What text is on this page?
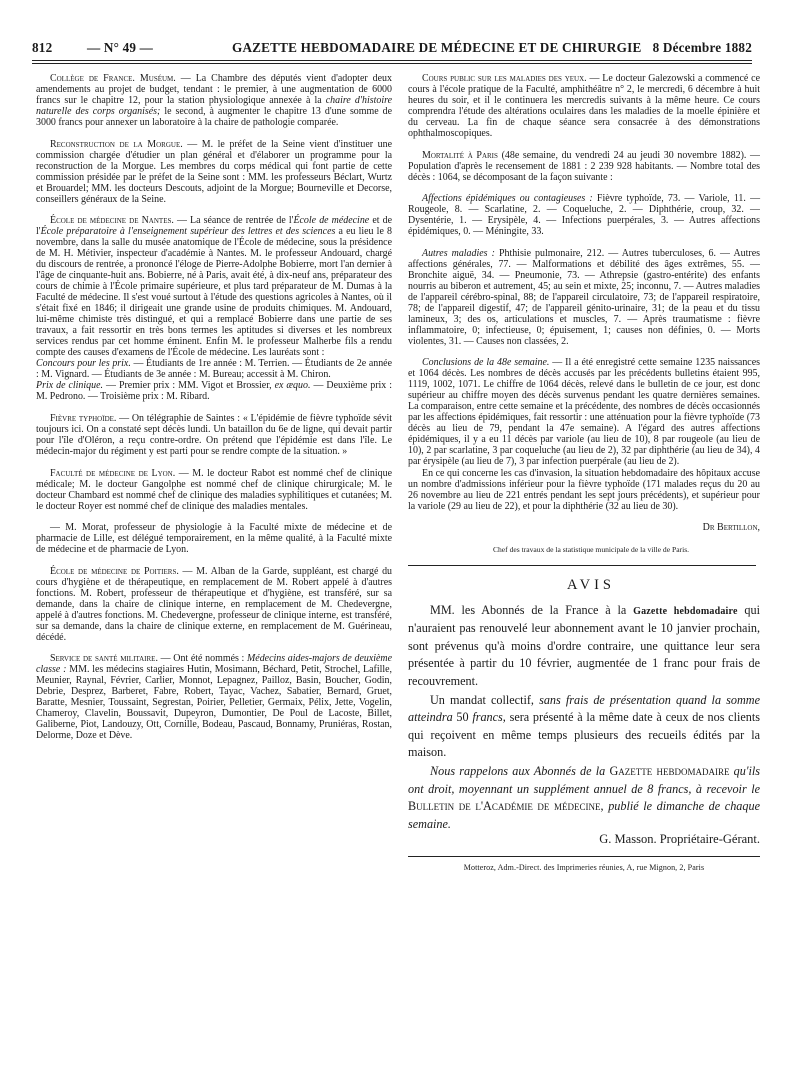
812	— N° 49 —	GAZETTE HEBDOMADAIRE DE MÉDECINE ET DE CHIRURGIE 8 Décembre 1882

Collège de France. Muséum. — La Chambre des députés vient d'adopter deux amendements au projet de budget, tendant : le premier, à une augmentation de 6000 francs sur le chapitre 12, pour la station physiologique annexée à la chaire d'histoire naturelle des corps organisés; le second, à augmenter le chapitre 13 d'une somme de 3000 francs pour annexer un laboratoire à la chaire de pathologie comparée.

Reconstruction de la Morgue. — M. le préfet de la Seine vient d'instituer une commission chargée d'étudier un plan général et d'élaborer un programme pour la reconstruction de la Morgue. Les membres du corps médical qui font partie de cette commission présidée par le préfet de la Seine sont : MM. les professeurs Béclart, Wurtz et Brouardel; MM. les docteurs Descouts, adjoint de la Morgue; Bourneville et Decorse, conseillers généraux de la Seine.

École de médecine de Nantes. — La séance de rentrée de l'École de médecine et de l'École préparatoire à l'enseignement supérieur des lettres et des sciences a eu lieu le 8 novembre, dans la salle du musée anatomique de l'École de médecine, sous la présidence de M. H. Métivier, inspecteur d'académie à Nantes. M. le professeur Andouard, chargé du discours de rentrée, a prononcé l'éloge de Pierre-Adolphe Bobierre, mort l'an dernier à l'âge de cinquante-huit ans. Bobierre, né à Paris, avait été, à dix-neuf ans, préparateur des cours de chimie à l'École primaire supérieure, et plus tard préparateur de M. Dumas à la Faculté de médecine. Il s'est voué surtout à l'étude des questions agricoles à Nantes, où il s'était fixé en 1846; il dirigeait une grande usine de produits chimiques. M. Andouard, lui-même chimiste très distingué, et qui a remplacé Bobierre dans une partie de ses travaux, a fait ressortir en très bons termes les aptitudes si diverses et les nombreux services rendus par cet homme éminent. Enfin M. le professeur Malherbe fils a rendu compte des causes d'examens de l'École de médecine. Les lauréats sont :
Concours pour les prix. — Étudiants de 1re année : M. Terrien. — Étudiants de 2e année : M. Vignard. — Étudiants de 3e année : M. Bureau; accessit à M. Chiron.
Prix de clinique. — Premier prix : MM. Vigot et Brossier, ex æquo. — Deuxième prix : M. Pedrono. — Troisième prix : M. Ribard.

Fièvre typhoïde. — On télégraphie de Saintes : « L'épidémie de fièvre typhoïde sévit toujours ici. On a constaté sept décès lundi. Un bataillon du 6e de ligne, qui devait partir pour l'île d'Oléron, a reçu contre-ordre. On prétend que l'épidémie est dans l'île. Le médecin-major du régiment y est parti pour se rendre compte de la situation. »

Faculté de médecine de Lyon. — M. le docteur Rabot est nommé chef de clinique médicale; M. le docteur Gangolphe est nommé chef de clinique chirurgicale; M. le docteur Chambard est nommé chef de clinique des maladies syphilitiques et cutanées; M. le docteur Royer est nommé chef de clinique des maladies mentales.

— M. Morat, professeur de physiologie à la Faculté mixte de médecine et de pharmacie de Lille, est délégué temporairement, en la même qualité, à la Faculté mixte de médecine et de pharmacie de Lyon.

École de médecine de Poitiers. — M. Alban de la Garde, suppléant, est chargé du cours d'hygiène et de thérapeutique, en remplacement de M. Robert appelé à d'autres fonctions. M. Robert, professeur de thérapeutique et d'hygiène, est transféré, sur sa demande, dans la chaire de clinique interne, en remplacement de M. Chedevergne, appelé à d'autres fonctions. M. Chedevergne, professeur de clinique interne, est transféré, sur sa demande, dans la chaire de clinique externe, en remplacement de M. Guérineau, décédé.

Service de santé militaire. — Ont été nommés : Médecins aides-majors de deuxième classe : MM. les médecins stagiaires Hutin, Mosimann, Béchard, Petit, Strochel, Lafille, Meunier, Raynal, Février, Carlier, Monnot, Lepagnez, Pailloz, Basin, Boucher, Godin, Debrie, Desprez, Barberet, Fabre, Robert, Tayac, Vachez, Sabatier, Bernard, Gruet, Baratte, Mesnier, Toussaint, Segrestan, Poirier, Pelletier, Germaix, Pélix, Jette, Vogelin, Chameroy, Clavelin, Boussavit, Dupeyron, Dumontier, De Poul de Lacoste, Billet, Galiberne, Piot, Landouzy, Ott, Cornille, Bodeau, Pascaud, Bonnamy, Pruniéras, Rostan, Delorme, Doze et Dève.

Cours public sur les maladies des yeux. — Le docteur Galezowski a commencé ce cours à l'école pratique de la Faculté, amphithéâtre n° 2, le mercredi, 6 décembre à huit heures du soir, et il le continuera les mercredis suivants à la même heure. Ce cours comprendra l'étude des altérations oculaires dans les maladies de la moelle épinière et du cerveau. La fin de chaque séance sera consacrée à des démonstrations ophthalmoscopiques.

Mortalité à Paris (48e semaine, du vendredi 24 au jeudi 30 novembre 1882). — Population d'après le recensement de 1881 : 2 239 928 habitants. — Nombre total des décès : 1064, se décomposant de la façon suivante :

Affections épidémiques ou contagieuses : Fièvre typhoïde, 73. — Variole, 11. — Rougeole, 8. — Scarlatine, 2. — Coqueluche, 2. — Diphthérie, croup, 32. — Dysentérie, 1. — Erysipèle, 4. — Infections puerpérales, 3. — Autres affections épidémiques, 0. — Méningite, 33.

Autres maladies : Phthisie pulmonaire, 212. — Autres tuberculoses, 6. — Autres affections générales, 77. — Malformations et débilité des âges extrêmes, 55. — Bronchite aiguë, 34. — Pneumonie, 73. — Athrepsie (gastro-entérite) des enfants nourris au biberon et autrement, 45; au sein et mixte, 25; inconnu, 7. — Autres maladies de l'appareil cérébro-spinal, 88; de l'appareil circulatoire, 73; de l'appareil respiratoire, 78; de l'appareil digestif, 47; de l'appareil génito-urinaire, 31; de la peau et du tissu lamineux, 3; des os, articulations et muscles, 7. — Après traumatisme : fièvre inflammatoire, 0; infectieuse, 0; épuisement, 1; causes non définies, 0. — Morts violentes, 31. — Causes non classées, 2.

Conclusions de la 48e semaine. — Il a été enregistré cette semaine 1235 naissances et 1064 décès. Les nombres de décès accusés par les précédents bulletins étaient 995, 1119, 1002, 1071. Le chiffre de 1064 décès, relevé dans le bulletin de ce jour, est donc supérieur au chiffre moyen des décès survenus pendant les quatre dernières semaines. La comparaison, entre cette semaine et la précédente, des nombres de décès occasionnés par les affections épidémiques, fait ressortir : une atténuation pour la fièvre typhoïde (73 décès au lieu de 79, pendant la 47e semaine). A l'égard des autres affections épidémiques, il y a eu 11 décès par variole (au lieu de 10), 8 par rougeole (au lieu de 10), 2 par scarlatine, 3 par coqueluche (au lieu de 2), 32 par diphthérie (au lieu de 34), 4 par érysipèle (au lieu de 7), 3 par infection puerpérale (au lieu de 2).

En ce qui concerne les cas d'invasion, la situation hebdomadaire des hôpitaux accuse un nombre d'admissions inférieur pour la fièvre typhoïde (171 malades reçus du 20 au 26 novembre au lieu de 221 entrés pendant les sept jours précédents), et supérieur pour la variole (29 au lieu de 22), et pour la diphthérie (32 au lieu de 30).

Dr Bertillon,

Chef des travaux de la statistique municipale de la ville de Paris.

AVIS

MM. les Abonnés de la France à la Gazette hebdomadaire qui n'auraient pas renouvelé leur abonnement avant le 10 janvier prochain, sont prévenus qu'à moins d'ordre contraire, une quittance leur sera présentée à partir du 10 février, augmentée de 1 franc pour frais de recouvrement.

Un mandat collectif, sans frais de présentation quand la somme atteindra 50 francs, sera présenté à la même date à ceux de nos clients qui reçoivent en même temps plusieurs des recueils édités par la maison.

Nous rappelons aux Abonnés de la Gazette hebdomadaire qu'ils ont droit, moyennant un supplément annuel de 8 francs, à recevoir le Bulletin de l'Académie de médecine, publié le dimanche de chaque semaine.

G. Masson. Propriétaire-Gérant.

Motteroz, Adm.-Direct. des Imprimeries réunies, A, rue Mignon, 2, Paris
